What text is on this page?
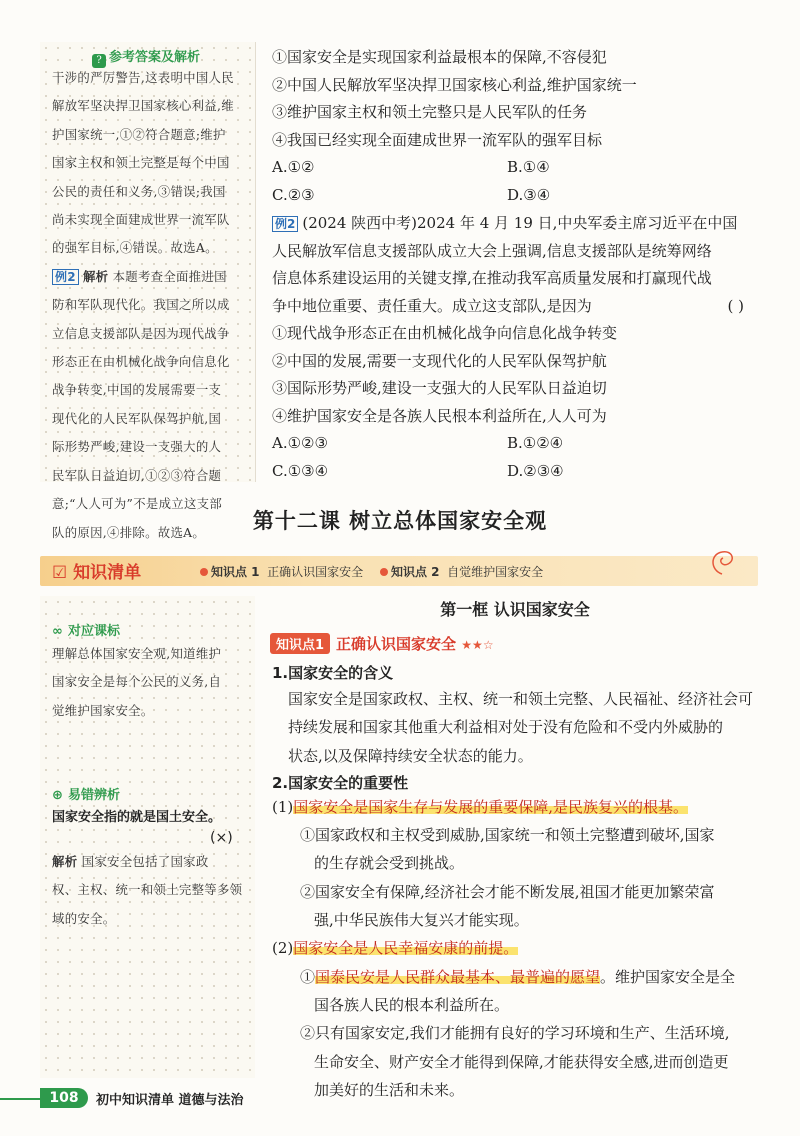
? 参考答案及解析
干涉的严厉警告,这表明中国人民
解放军坚决捍卫国家核心利益,维
护国家统一,①②符合题意;维护
国家主权和领土完整是每个中国
公民的责任和义务,③错误;我国
尚未实现全面建成世界一流军队
的强军目标,④错误。故选A。
例2 解析 本题考查全面推进国
防和军队现代化。我国之所以成
立信息支援部队是因为现代战争
形态正在由机械化战争向信息化
战争转变,中国的发展需要一支
现代化的人民军队保驾护航,国
际形势严峻,建设一支强大的人
民军队日益迫切,①②③符合题
意;“人人可为”不是成立这支部
队的原因,④排除。故选A。
①国家安全是实现国家利益最根本的保障,不容侵犯
②中国人民解放军坚决捍卫国家核心利益,维护国家统一
③维护国家主权和领土完整只是人民军队的任务
④我国已经实现全面建成世界一流军队的强军目标
A.①②	B.①④
C.②③	D.③④
例2 (2024 陕西中考)2024 年 4 月 19 日,中央军委主席习近平在中国
人民解放军信息支援部队成立大会上强调,信息支援部队是统筹网络
信息体系建设运用的关键支撑,在推动我军高质量发展和打赢现代战
争中地位重要、责任重大。成立这支部队,是因为	( )
①现代战争形态正在由机械化战争向信息化战争转变
②中国的发展,需要一支现代化的人民军队保驾护航
③国际形势严峻,建设一支强大的人民军队日益迫切
④维护国家安全是各族人民根本利益所在,人人可为
A.①②③	B.①②④
C.①③④	D.②③④
第十二课 树立总体国家安全观
☑ 知识清单	知识点 1 正确认识国家安全	知识点 2 自觉维护国家安全
∞ 对应课标
理解总体国家安全观,知道维护
国家安全是每个公民的义务,自
觉维护国家安全。
⊕ 易错辨析
国家安全指的就是国土安全。
(×)
解析 国家安全包括了国家政
权、主权、统一和领土完整等多领
域的安全。
第一框 认识国家安全
知识点1 正确认识国家安全 ★★☆
1.国家安全的含义
国家安全是国家政权、主权、统一和领土完整、人民福祉、经济社会可
持续发展和国家其他重大利益相对处于没有危险和不受内外威胁的
状态,以及保障持续安全状态的能力。
2.国家安全的重要性
(1)国家安全是国家生存与发展的重要保障,是民族复兴的根基。
①国家政权和主权受到威胁,国家统一和领土完整遭到破坏,国家
的生存就会受到挑战。
②国家安全有保障,经济社会才能不断发展,祖国才能更加繁荣富
强,中华民族伟大复兴才能实现。
(2)国家安全是人民幸福安康的前提。
①国泰民安是人民群众最基本、最普遍的愿望。维护国家安全是全
国各族人民的根本利益所在。
②只有国家安定,我们才能拥有良好的学习环境和生产、生活环境,
生命安全、财产安全才能得到保障,才能获得安全感,进而创造更
加美好的生活和未来。
108	初中知识清单 道德与法治
